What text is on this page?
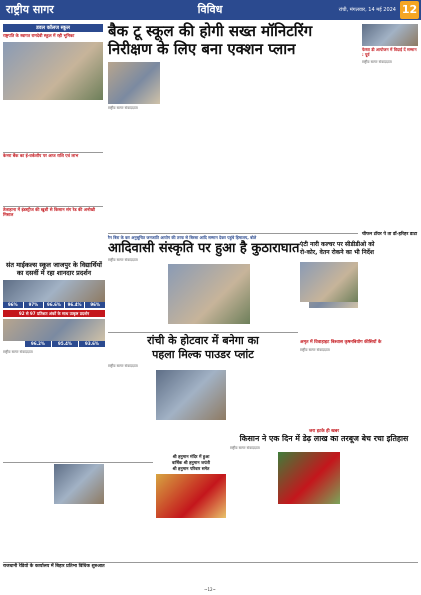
राष्ट्रीय सागर	विविध	रांची, मंगलवार, 14 मई 2024 12
डवल कॉलज स्कूल
राष्ट्रपति के स्वागत रामदेवी स्कूल में रही भूमिका
केनरा बैंक का ई-वर्कशॉप पर आज राशि एवं लाभ
तेलाहाना में इंडस्ट्रीज की खुशी से किसान संग रेड की अनोखी मिसाल
बैक टू स्कूल की होगी सख्त मॉनिटरिंग
निरीक्षण के लिए बना एक्शन प्लान
राष्ट्रीय सागर संवाददाता
फेस्ता डी आयोजन में विदाई दें सम्मान : पूर्व
राष्ट्रीय सागर संवाददाता
रैन बिरा के कर अनुसूचित जनजाति आयोग की तरफ से बिरसा आदि सम्मान देकर पहुंचे हिमालय, बोले
आदिवासी संस्कृति पर हुआ है कुठाराघात
राष्ट्रीय सागर संवाददाता
चीफन टॉवर पे ता डॉ-हरिहर डाटा
एंटी नारी कल्चर पर सीडीडीओ को
रो-कोर, वेतन रोकने का भी निर्देश
संत माईकल्स स्कूल जाजपुर के विद्यार्थियों
का दसवीं में रहा शानदार प्रदर्शन
96%	97%	96.6%	96.4%	96%
92 से 97 प्रतिशत अंकों के साथ उत्कृष्ट प्रदर्शन
96.2%	95.4%	93.6%
राष्ट्रीय सागर संवाददाता
रांची के होटवार में बनेगा का
पहला मिल्क पाउडर प्लांट
राष्ट्रीय सागर संवाददाता
अमृत में विवाहाहट बिश्वास कृषनबियोग कीसियों के
राष्ट्रीय सागर संवाददाता
श्री हनुमान मंदिर में हुआ
वार्षिक श्री हनुमान जयंती
श्री हनुमान परिवार समेत
जरा हटके ही खबर
किसान ने एक दिन में डेढ़ लाख का तरबूज बेच रचा इतिहास
राष्ट्रीय सागर संवाददाता
राजधानी रेडियो के कार्यालय में बिहार प्रतिभा विधिक शुरुआत
~12~
